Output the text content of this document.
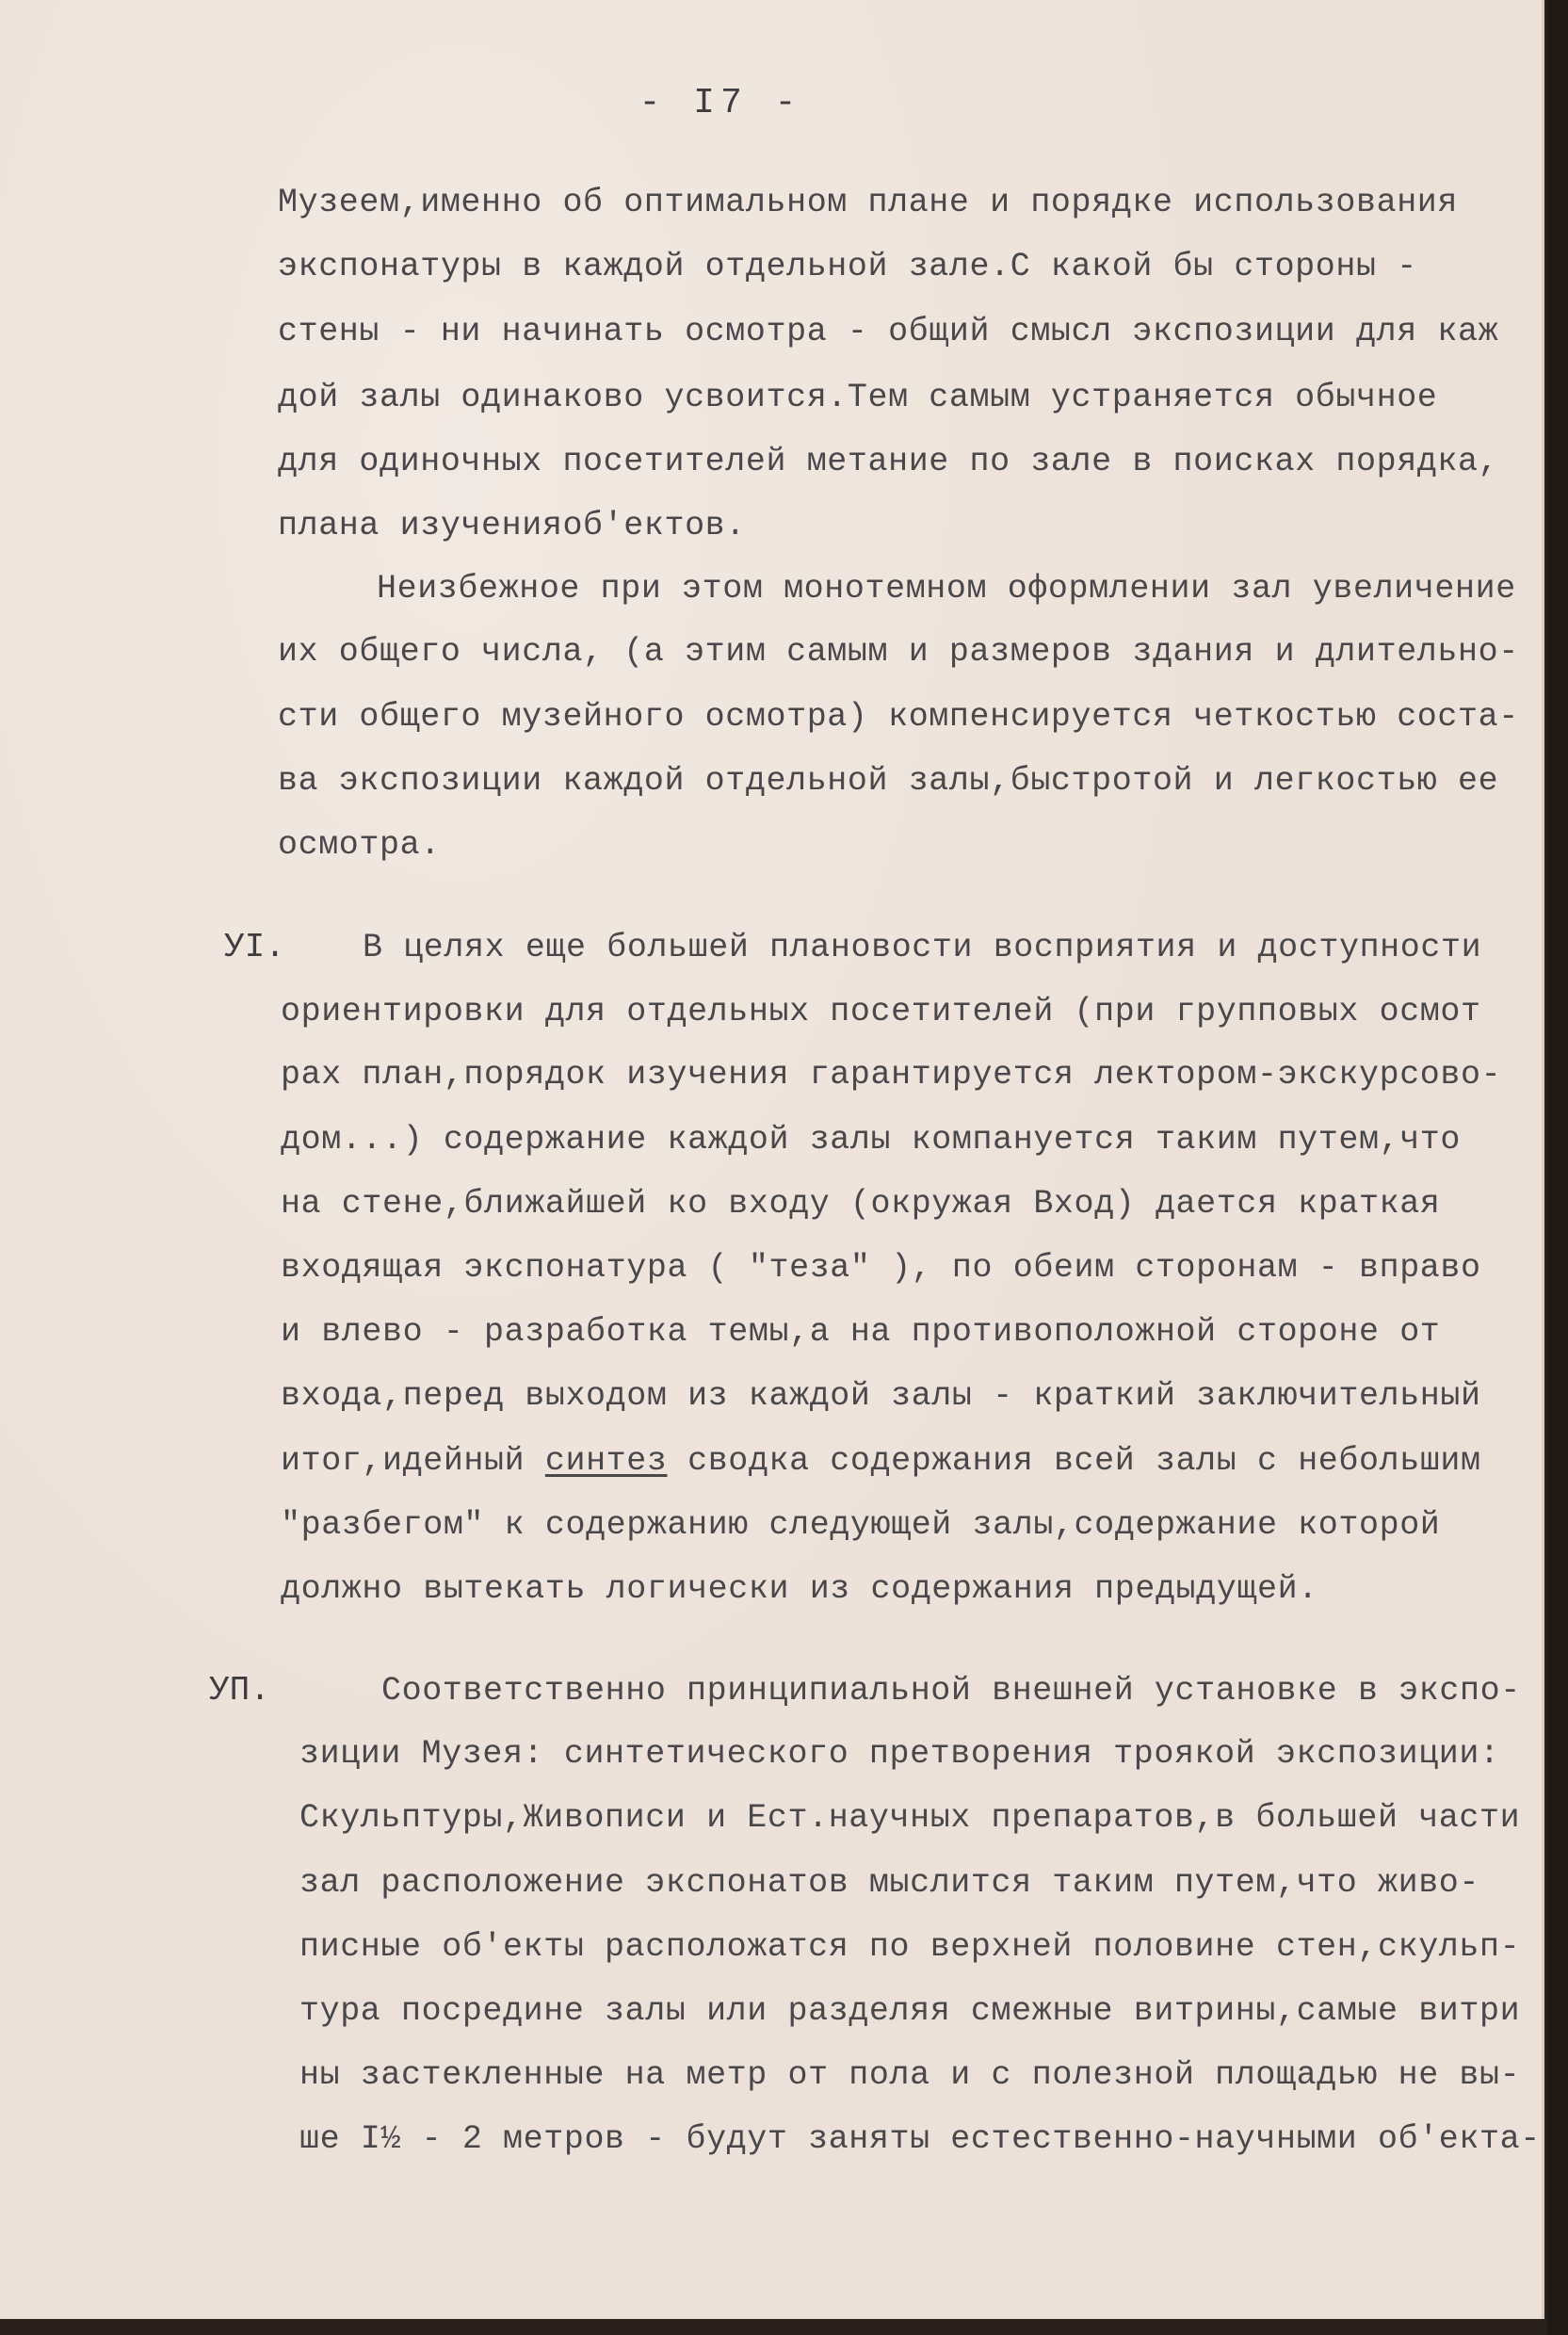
- I7 -
Музеем,именно об оптимальном плане и порядке использования
экспонатуры в каждой отдельной зале.С какой бы стороны -
стены - ни начинать осмотра - общий смысл экспозиции для каж
дой залы одинаково усвоится.Тем самым устраняется обычное
для одиночных посетителей метание по зале в поисках порядка,
плана изученияоб'ектов.
Неизбежное при этом монотемном оформлении зал увеличение
их общего числа, (а этим самым и размеров здания и длительно-
сти общего музейного осмотра) компенсируется четкостью соста-
ва экспозиции каждой отдельной залы,быстротой и легкостью ее
осмотра.
УI. В целях еще большей плановости восприятия и доступности
ориентировки для отдельных посетителей (при групповых осмот
рах план,порядок изучения гарантируется лектором-экскурсово-
дом...) содержание каждой залы компануется таким путем,что
на стене,ближайшей ко входу (окружая Вход) дается краткая
входящая экспонатура ( "теза" ), по обеим сторонам - вправо
и влево - разработка темы,а на противоположной стороне от
входа,перед выходом из каждой залы - краткий заключительный
итог,идейный синтез сводка содержания всей залы с небольшим
"разбегом" к содержанию следующей залы,содержание которой
должно вытекать логически из содержания предыдущей.
УП.	Соответственно принципиальной внешней установке в экспо-
зиции Музея: синтетического претворения троякой экспозиции:
Скульптуры,Живописи и Ест.научных препаратов,в большей части
зал расположение экспонатов мыслится таким путем,что живо-
писные об'екты расположатся по верхней половине стен,скульп-
тура посредине залы или разделяя смежные витрины,самые витри
ны застекленные на метр от пола и с полезной площадью не вы-
ше I½ - 2 метров - будут заняты естественно-научными об'екта-
